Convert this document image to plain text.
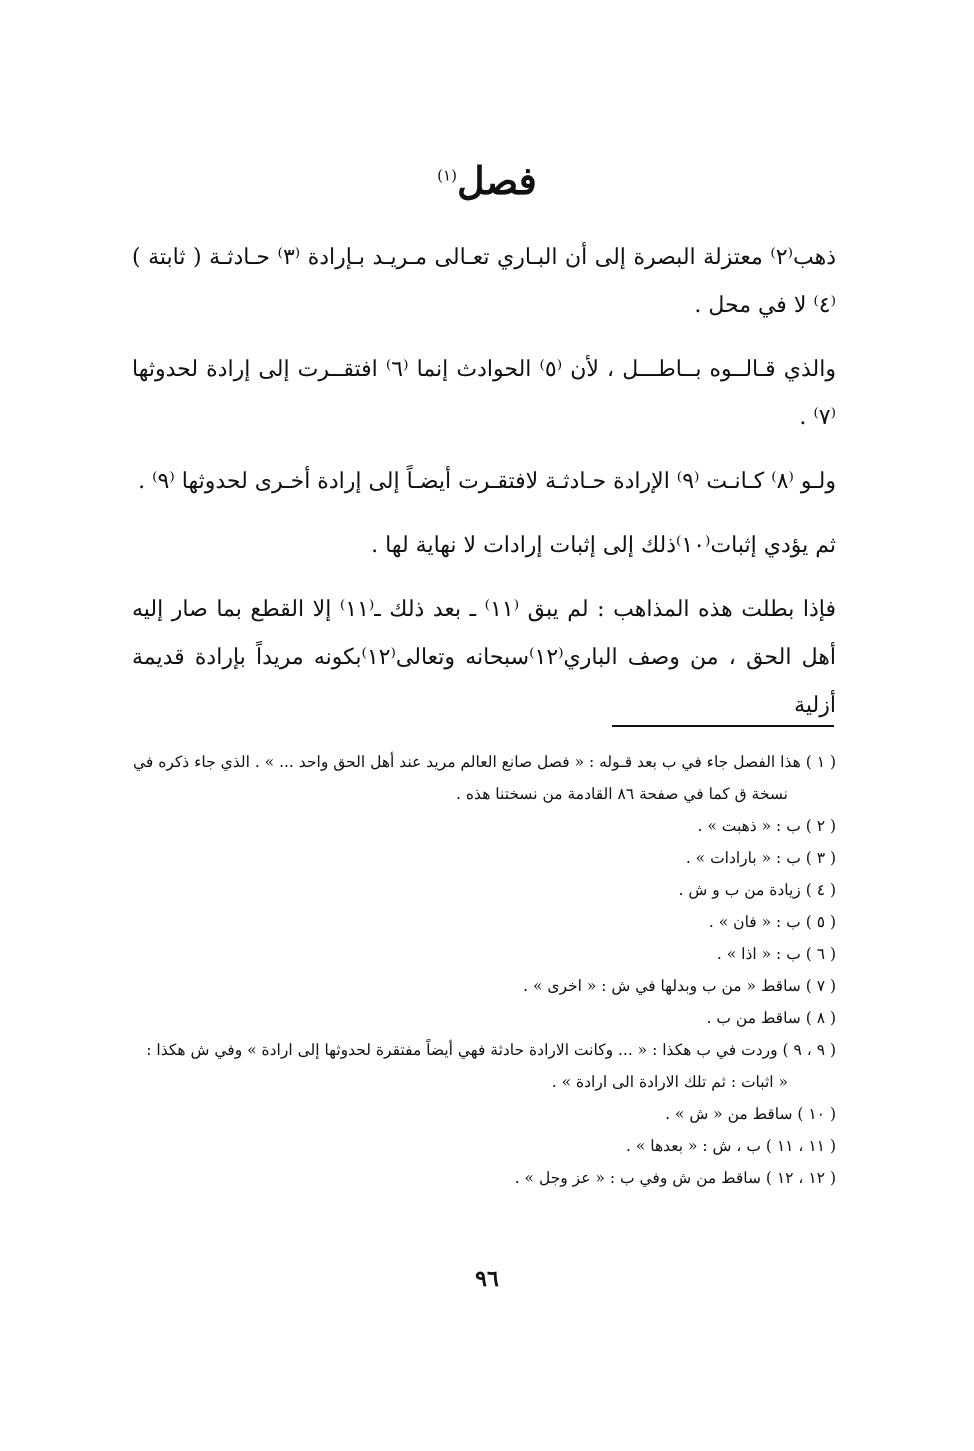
فصل$^{(١)}$

ذهب⁽٢⁾ معتزلة البصرة إلى أن البـاري تعـالى مـريـد بـإرادة ⁽٣⁾ حـادثـة ( ثابتة ) ⁽٤⁾ لا في محل .

والذي قـالــوه بــاطـــل ، لأن ⁽٥⁾ الحوادث إنما ⁽٦⁾ افتقــرت إلى إرادة لحدوثها ⁽٧⁾ .

ولـو ⁽٨⁾ كـانـت ⁽٩⁾ الإرادة حـادثـة لافتقـرت أيضـاً إلى إرادة أخـرى لحدوثها ⁽٩⁾ .

ثم يؤدي إثبات⁽١٠⁾ذلك إلى إثبات إرادات لا نهاية لها .

فإذا بطلت هذه المذاهب : لم يبق ⁽١١⁾ ـ بعد ذلك ـ⁽١١⁾ إلا القطع بما صار إليه أهل الحق ، من وصف الباري⁽١٢⁾سبحانه وتعالى⁽١٢⁾بكونه مريداً بإرادة قديمة أزلية

( ١ ) هذا الفصل جاء في ب بعد قـوله : « فصل صانع العالم مريد عند أهل الحق واحد ... » . الذي جاء ذكره في نسخة ق كما في صفحة ٨٦ القادمة من نسختنا هذه .

( ٢ ) ب : « ذهبت » .

( ٣ ) ب : « بارادات » .

( ٤ ) زيادة من ب و ش .

( ٥ ) ب : « فان » .

( ٦ ) ب : « اذا » .

( ٧ ) ساقط « من ب وبدلها في ش : « اخرى » .

( ٨ ) ساقط من ب .

( ٩ ، ٩ ) وردت في ب هكذا : « ... وكانت الارادة حادثة فهي أيضاً مفتقرة لحدوثها إلى ارادة » وفي ش هكذا : « اثبات : ثم تلك الارادة الى ارادة » .

( ١٠ ) ساقط من « ش » .

( ١١ ، ١١ ) ب ، ش : « بعدها » .

( ١٢ ، ١٢ ) ساقط من ش وفي ب : « عز وجل » .

٩٦
